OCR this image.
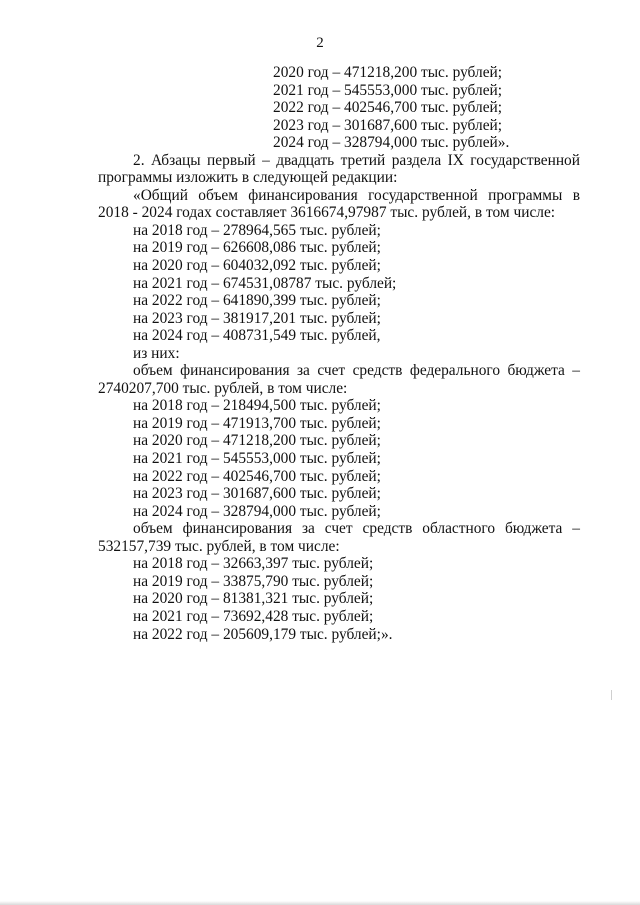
2
2020 год – 471218,200 тыс. рублей;
2021 год – 545553,000 тыс. рублей;
2022 год – 402546,700 тыс. рублей;
2023 год – 301687,600 тыс. рублей;
2024 год – 328794,000 тыс. рублей».
2. Абзацы первый – двадцать третий раздела IX государственной
программы изложить в следующей редакции:
«Общий объем финансирования государственной программы в
2018 - 2024 годах составляет 3616674,97987 тыс. рублей, в том числе:
на 2018 год – 278964,565 тыс. рублей;
на 2019 год – 626608,086 тыс. рублей;
на 2020 год – 604032,092 тыс. рублей;
на 2021 год – 674531,08787 тыс. рублей;
на 2022 год – 641890,399 тыс. рублей;
на 2023 год – 381917,201 тыс. рублей;
на 2024 год – 408731,549 тыс. рублей,
из них:
объем финансирования за счет средств федерального бюджета –
2740207,700 тыс. рублей, в том числе:
на 2018 год – 218494,500 тыс. рублей;
на 2019 год – 471913,700 тыс. рублей;
на 2020 год – 471218,200 тыс. рублей;
на 2021 год – 545553,000 тыс. рублей;
на 2022 год – 402546,700 тыс. рублей;
на 2023 год – 301687,600 тыс. рублей;
на 2024 год – 328794,000 тыс. рублей;
объем финансирования за счет средств областного бюджета –
532157,739 тыс. рублей, в том числе:
на 2018 год – 32663,397 тыс. рублей;
на 2019 год – 33875,790 тыс. рублей;
на 2020 год – 81381,321 тыс. рублей;
на 2021 год – 73692,428 тыс. рублей;
на 2022 год – 205609,179 тыс. рублей;».
